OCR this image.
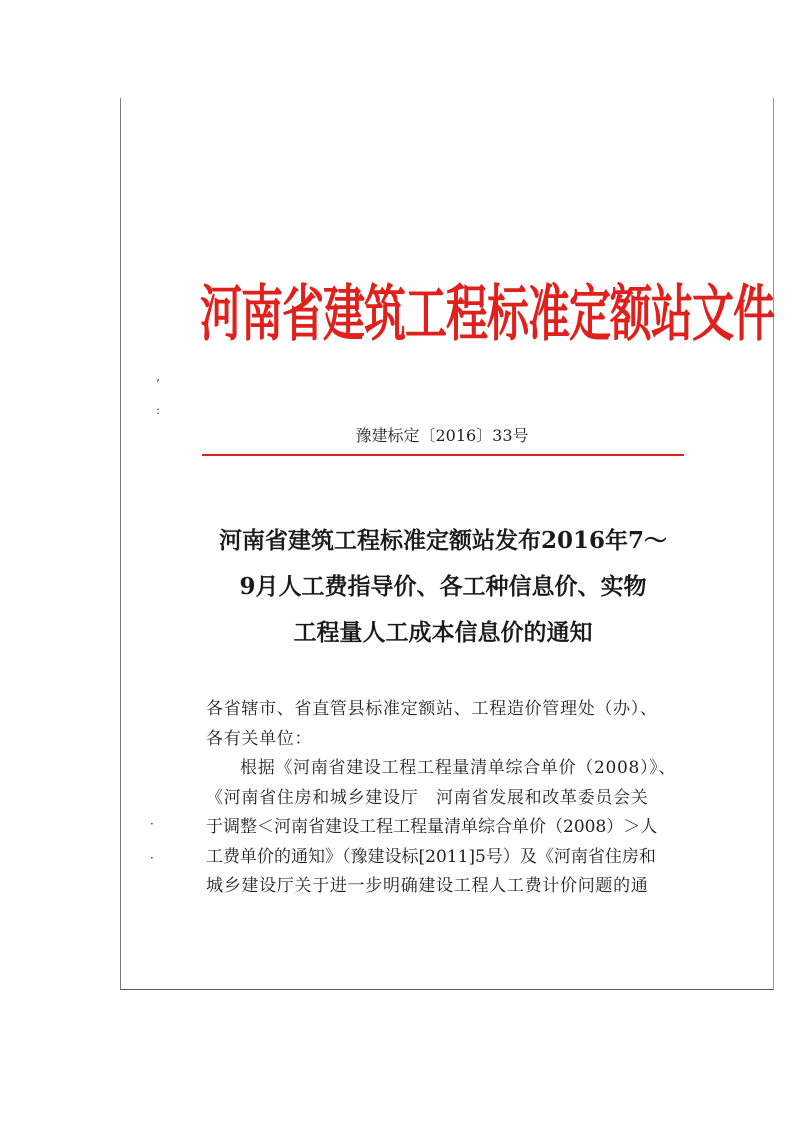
河南省建筑工程标准定额站文件
’
:
·
·
豫建标定〔2016〕33号
河南省建筑工程标准定额站发布2016年7～
9月人工费指导价、各工种信息价、实物
工程量人工成本信息价的通知
各省辖市、省直管县标准定额站、工程造价管理处（办）、
各有关单位：
根据《河南省建设工程工程量清单综合单价（2008）》、
《河南省住房和城乡建设厅　河南省发展和改革委员会关
于调整＜河南省建设工程工程量清单综合单价（2008）＞人
工费单价的通知》（豫建设标[2011]5号）及《河南省住房和
城乡建设厅关于进一步明确建设工程人工费计价问题的通
